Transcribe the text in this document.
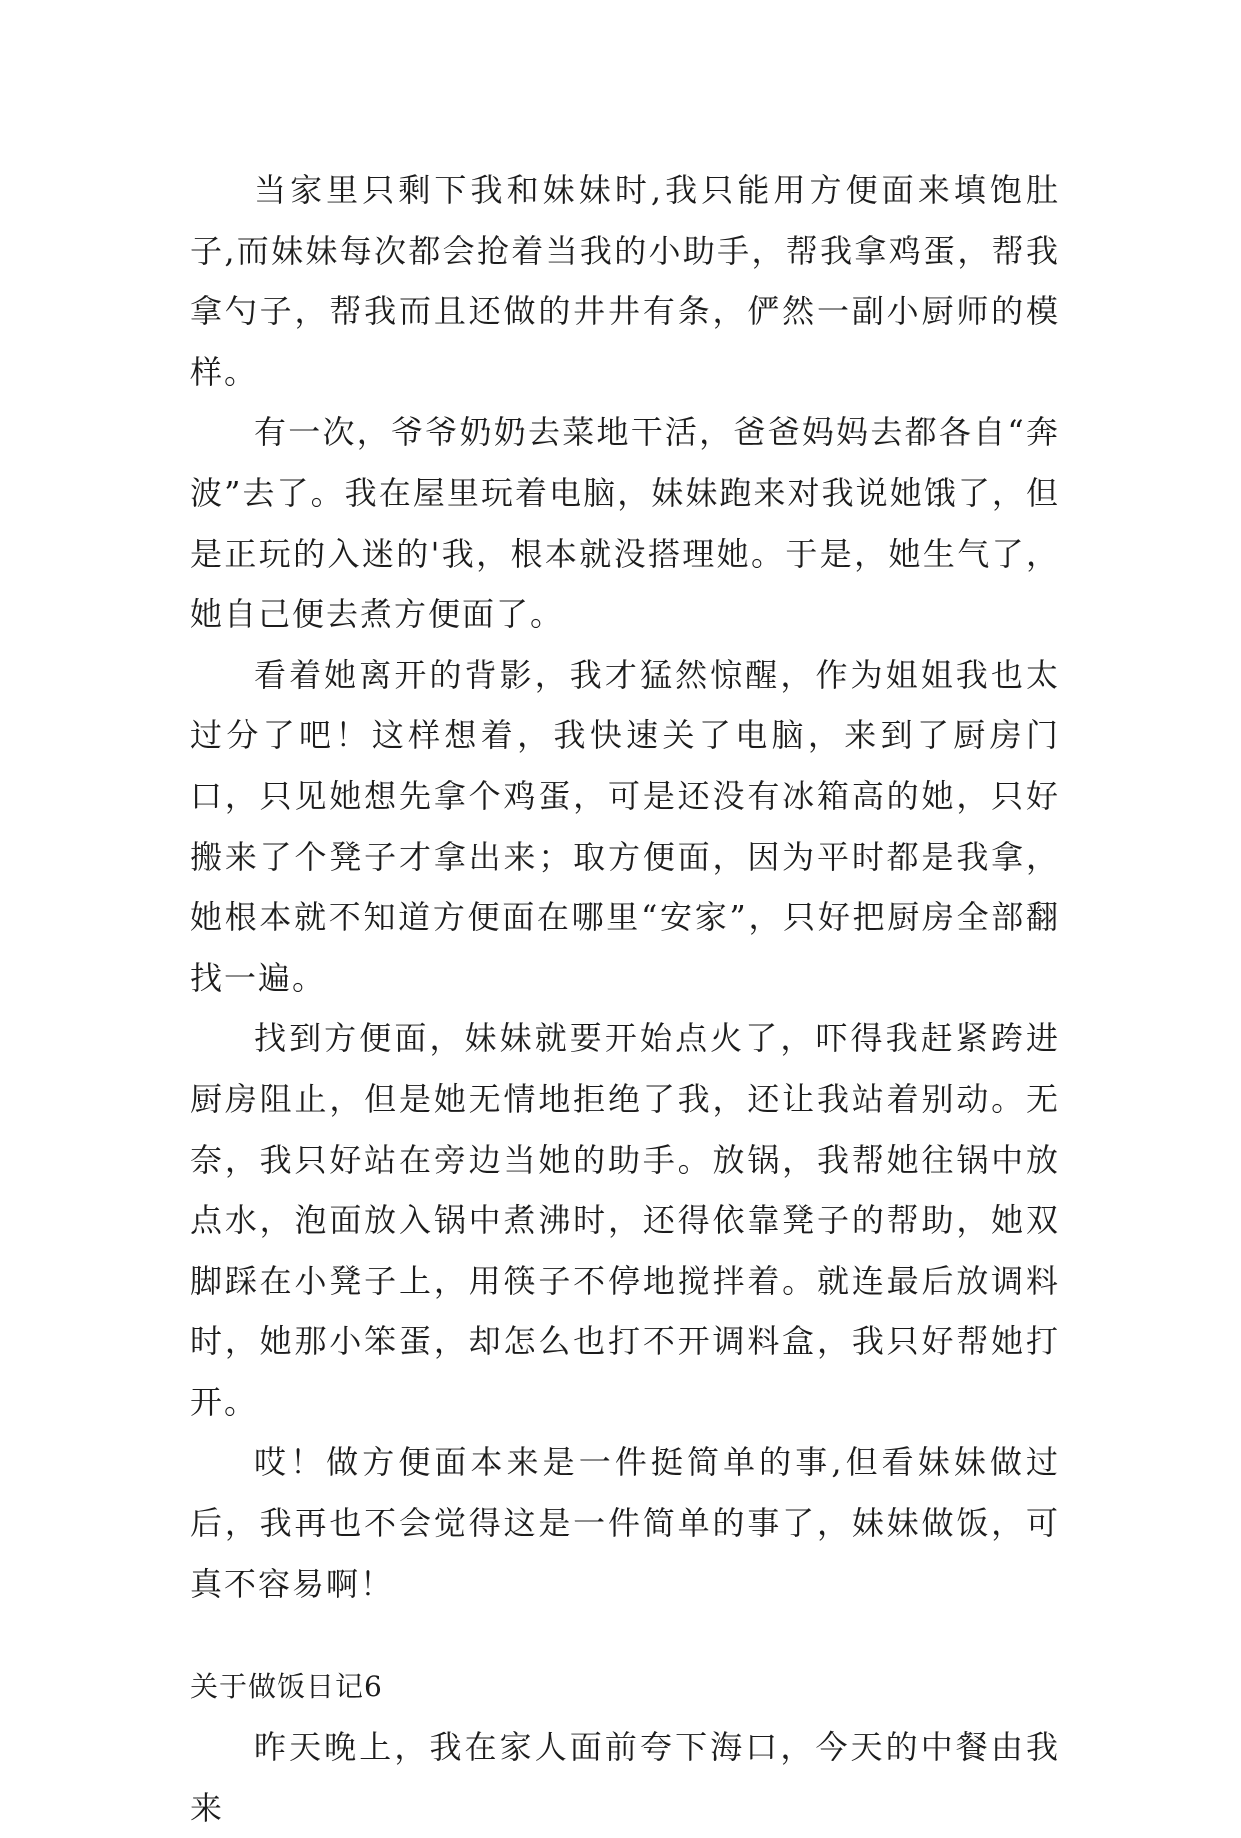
当家里只剩下我和妹妹时,我只能用方便面来填饱肚子,而妹妹每次都会抢着当我的小助手，帮我拿鸡蛋，帮我拿勺子，帮我而且还做的井井有条，俨然一副小厨师的模样。

有一次，爷爷奶奶去菜地干活，爸爸妈妈去都各自“奔波”去了。我在屋里玩着电脑，妹妹跑来对我说她饿了，但是正玩的入迷的'我，根本就没搭理她。于是，她生气了，她自己便去煮方便面了。

看着她离开的背影，我才猛然惊醒，作为姐姐我也太过分了吧！这样想着，我快速关了电脑，来到了厨房门口，只见她想先拿个鸡蛋，可是还没有冰箱高的她，只好搬来了个凳子才拿出来；取方便面，因为平时都是我拿，她根本就不知道方便面在哪里“安家”，只好把厨房全部翻找一遍。

找到方便面，妹妹就要开始点火了，吓得我赶紧跨进厨房阻止，但是她无情地拒绝了我，还让我站着别动。无奈，我只好站在旁边当她的助手。放锅，我帮她往锅中放点水，泡面放入锅中煮沸时，还得依靠凳子的帮助，她双脚踩在小凳子上，用筷子不停地搅拌着。就连最后放调料时，她那小笨蛋，却怎么也打不开调料盒，我只好帮她打开。

哎！做方便面本来是一件挺简单的事,但看妹妹做过后，我再也不会觉得这是一件简单的事了，妹妹做饭，可真不容易啊！

关于做饭日记6

昨天晚上，我在家人面前夸下海口，今天的中餐由我来
